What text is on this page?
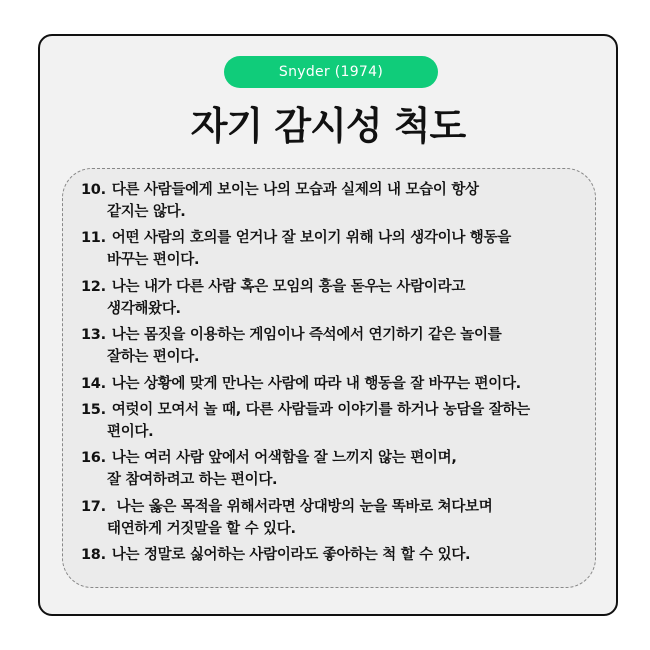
Snyder (1974)
자기 감시성 척도
10. 다른 사람들에게 보이는 나의 모습과 실제의 내 모습이 항상
같지는 않다.
11. 어떤 사람의 호의를 얻거나 잘 보이기 위해 나의 생각이나 행동을
바꾸는 편이다.
12. 나는 내가 다른 사람 혹은 모임의 흥을 돋우는 사람이라고
생각해왔다.
13. 나는 몸짓을 이용하는 게임이나 즉석에서 연기하기 같은 놀이를
잘하는 편이다.
14. 나는 상황에 맞게 만나는 사람에 따라 내 행동을 잘 바꾸는 편이다.
15. 여럿이 모여서 놀 때, 다른 사람들과 이야기를 하거나 농담을 잘하는
편이다.
16. 나는 여러 사람 앞에서 어색함을 잘 느끼지 않는 편이며,
잘 참여하려고 하는 편이다.
17. 나는 옳은 목적을 위해서라면 상대방의 눈을 똑바로 쳐다보며
태연하게 거짓말을 할 수 있다.
18. 나는 정말로 싫어하는 사람이라도 좋아하는 척 할 수 있다.
